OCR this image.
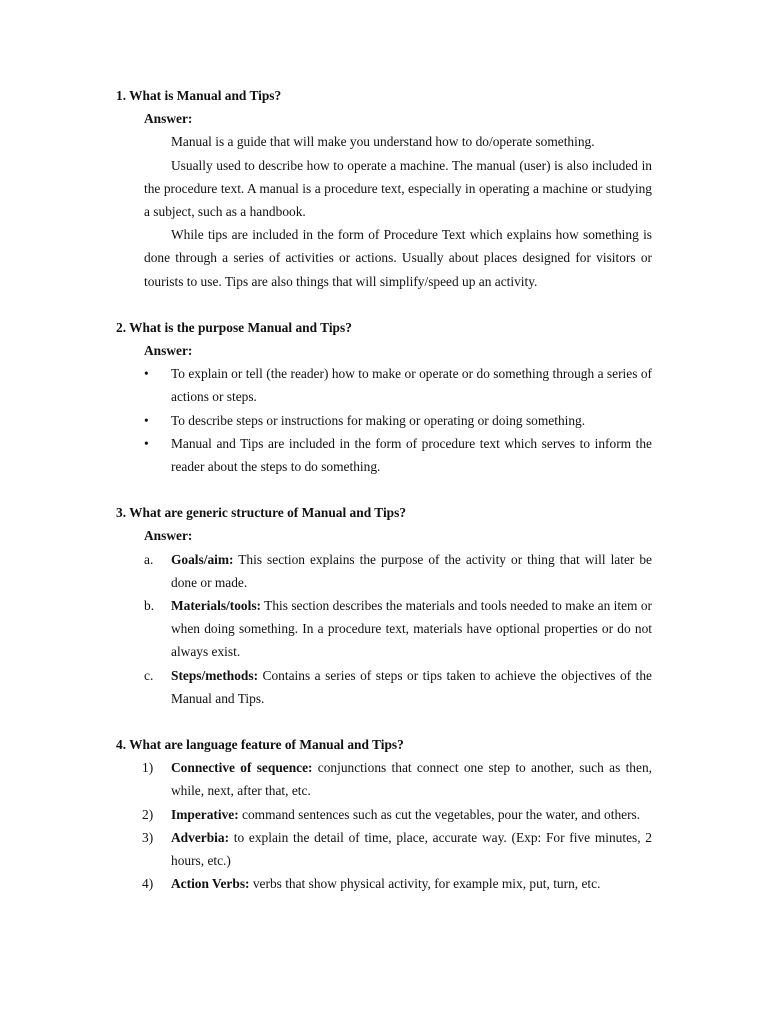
1. What is Manual and Tips?

Answer:

Manual is a guide that will make you understand how to do/operate something.

Usually used to describe how to operate a machine. The manual (user) is also included in the procedure text. A manual is a procedure text, especially in operating a machine or studying a subject, such as a handbook.

While tips are included in the form of Procedure Text which explains how something is done through a series of activities or actions. Usually about places designed for visitors or tourists to use. Tips are also things that will simplify/speed up an activity.

2. What is the purpose Manual and Tips?

Answer:

• To explain or tell (the reader) how to make or operate or do something through a series of actions or steps.
• To describe steps or instructions for making or operating or doing something.
• Manual and Tips are included in the form of procedure text which serves to inform the reader about the steps to do something.

3. What are generic structure of Manual and Tips?

Answer:

a. Goals/aim: This section explains the purpose of the activity or thing that will later be done or made.
b. Materials/tools: This section describes the materials and tools needed to make an item or when doing something. In a procedure text, materials have optional properties or do not always exist.
c. Steps/methods: Contains a series of steps or tips taken to achieve the objectives of the Manual and Tips.

4. What are language feature of Manual and Tips?

1) Connective of sequence: conjunctions that connect one step to another, such as then, while, next, after that, etc.
2) Imperative: command sentences such as cut the vegetables, pour the water, and others.
3) Adverbia: to explain the detail of time, place, accurate way. (Exp: For five minutes, 2 hours, etc.)
4) Action Verbs: verbs that show physical activity, for example mix, put, turn, etc.
